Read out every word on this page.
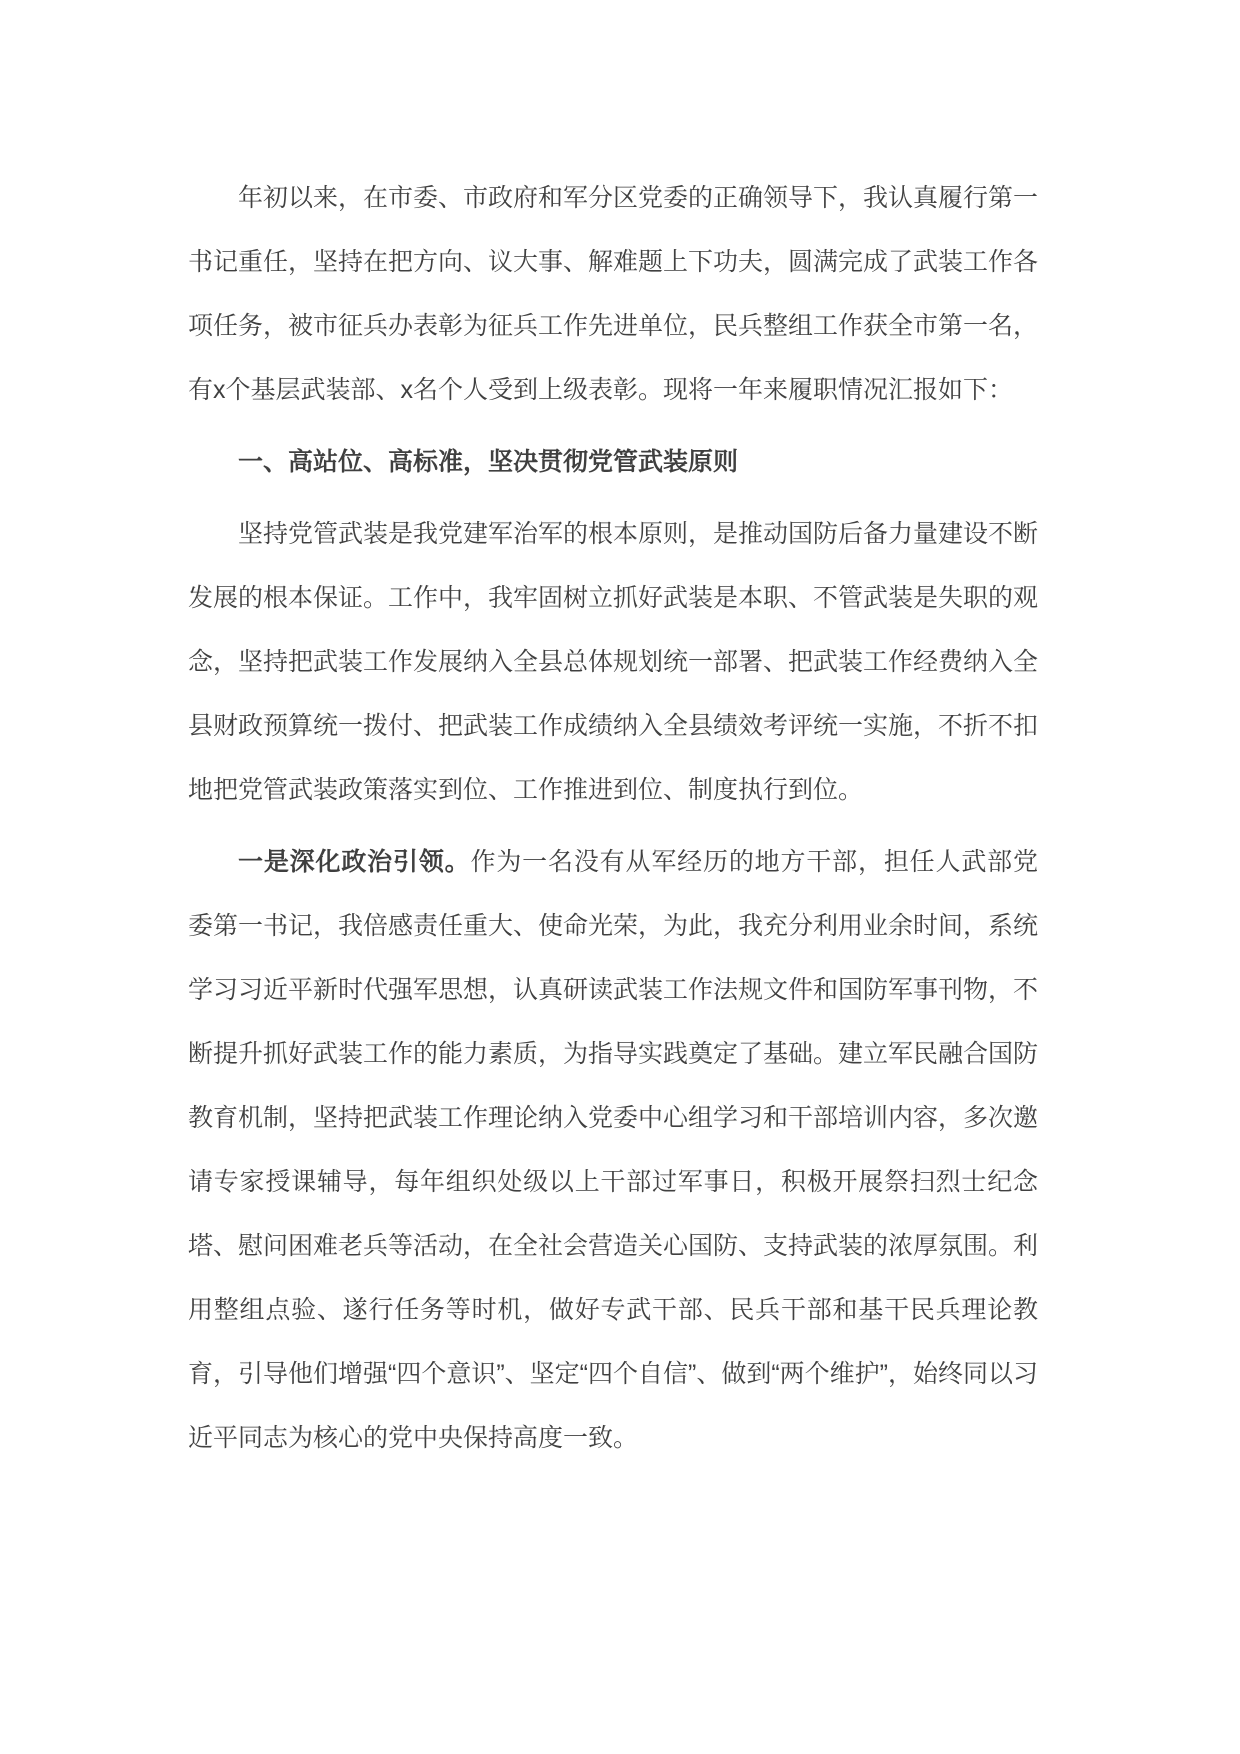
年初以来，在市委、市政府和军分区党委的正确领导下，我认真履行第一书记重任，坚持在把方向、议大事、解难题上下功夫，圆满完成了武装工作各项任务，被市征兵办表彰为征兵工作先进单位，民兵整组工作获全市第一名，有x个基层武装部、x名个人受到上级表彰。现将一年来履职情况汇报如下：

一、高站位、高标准，坚决贯彻党管武装原则

坚持党管武装是我党建军治军的根本原则，是推动国防后备力量建设不断发展的根本保证。工作中，我牢固树立抓好武装是本职、不管武装是失职的观念，坚持把武装工作发展纳入全县总体规划统一部署、把武装工作经费纳入全县财政预算统一拨付、把武装工作成绩纳入全县绩效考评统一实施，不折不扣地把党管武装政策落实到位、工作推进到位、制度执行到位。

一是深化政治引领。作为一名没有从军经历的地方干部，担任人武部党委第一书记，我倍感责任重大、使命光荣，为此，我充分利用业余时间，系统学习习近平新时代强军思想，认真研读武装工作法规文件和国防军事刊物，不断提升抓好武装工作的能力素质，为指导实践奠定了基础。建立军民融合国防教育机制，坚持把武装工作理论纳入党委中心组学习和干部培训内容，多次邀请专家授课辅导，每年组织处级以上干部过军事日，积极开展祭扫烈士纪念塔、慰问困难老兵等活动，在全社会营造关心国防、支持武装的浓厚氛围。利用整组点验、遂行任务等时机，做好专武干部、民兵干部和基干民兵理论教育，引导他们增强“四个意识”、坚定“四个自信”、做到“两个维护”，始终同以习近平同志为核心的党中央保持高度一致。
